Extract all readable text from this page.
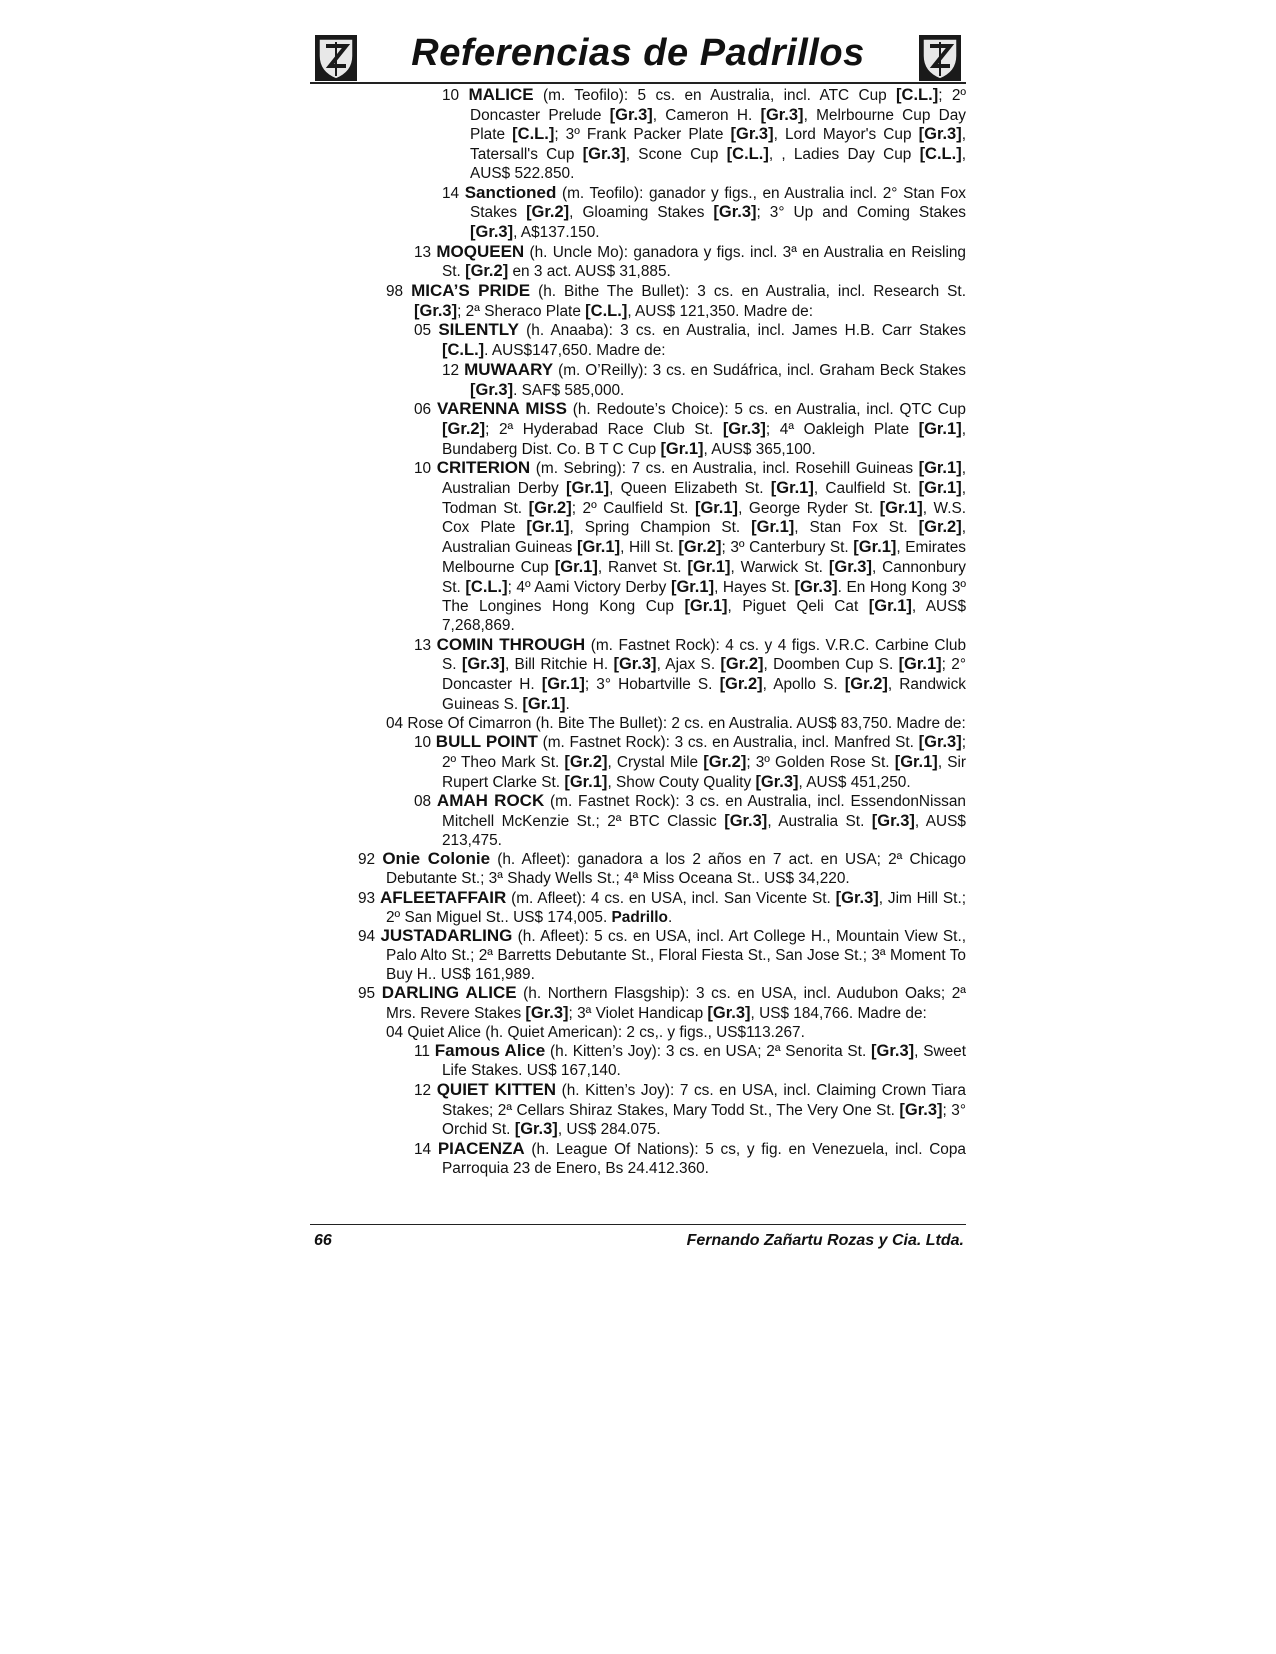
Referencias de Padrillos
10 MALICE (m. Teofilo): 5 cs. en Australia, incl. ATC Cup [C.L.]; 2º Doncaster Prelude [Gr.3], Cameron H. [Gr.3], Melrbourne Cup Day Plate [C.L.]; 3º Frank Packer Plate [Gr.3], Lord Mayor's Cup [Gr.3], Tatersall's Cup [Gr.3], Scone Cup [C.L.], , Ladies Day Cup [C.L.], AUS$ 522.850.
14 Sanctioned (m. Teofilo): ganador y figs., en Australia incl. 2° Stan Fox Stakes [Gr.2], Gloaming Stakes [Gr.3]; 3° Up and Coming Stakes [Gr.3], A$137.150.
13 MOQUEEN (h. Uncle Mo): ganadora y figs. incl. 3ª en Australia en Reisling St. [Gr.2] en 3 act. AUS$ 31,885.
98 MICA’S PRIDE (h. Bithe The Bullet): 3 cs. en Australia, incl. Research St. [Gr.3]; 2ª Sheraco Plate [C.L.], AUS$ 121,350. Madre de:
05 SILENTLY (h. Anaaba): 3 cs. en Australia, incl. James H.B. Carr Stakes [C.L.]. AUS$147,650. Madre de:
12 MUWAARY (m. O’Reilly): 3 cs. en Sudáfrica, incl. Graham Beck Stakes [Gr.3]. SAF$ 585,000.
06 VARENNA MISS (h. Redoute’s Choice): 5 cs. en Australia, incl. QTC Cup [Gr.2]; 2ª Hyderabad Race Club St. [Gr.3]; 4ª Oakleigh Plate [Gr.1], Bundaberg Dist. Co. B T C Cup [Gr.1], AUS$ 365,100.
10 CRITERION (m. Sebring): 7 cs. en Australia, incl. Rosehill Guineas [Gr.1], Australian Derby [Gr.1], Queen Elizabeth St. [Gr.1], Caulfield St. [Gr.1], Todman St. [Gr.2]; 2º Caulfield St. [Gr.1], George Ryder St. [Gr.1], W.S. Cox Plate [Gr.1], Spring Champion St. [Gr.1], Stan Fox St. [Gr.2], Australian Guineas [Gr.1], Hill St. [Gr.2]; 3º Canterbury St. [Gr.1], Emirates Melbourne Cup [Gr.1], Ranvet St. [Gr.1], Warwick St. [Gr.3], Cannonbury St. [C.L.]; 4º Aami Victory Derby [Gr.1], Hayes St. [Gr.3]. En Hong Kong 3º The Longines Hong Kong Cup [Gr.1], Piguet Qeli Cat [Gr.1], AUS$ 7,268,869.
13 COMIN THROUGH (m. Fastnet Rock): 4 cs. y 4 figs. V.R.C. Carbine Club S. [Gr.3], Bill Ritchie H. [Gr.3], Ajax S. [Gr.2], Doomben Cup S. [Gr.1]; 2° Doncaster H. [Gr.1]; 3° Hobartville S. [Gr.2], Apollo S. [Gr.2], Randwick Guineas S. [Gr.1].
04 Rose Of Cimarron (h. Bite The Bullet): 2 cs. en Australia. AUS$ 83,750. Madre de:
10 BULL POINT (m. Fastnet Rock): 3 cs. en Australia, incl. Manfred St. [Gr.3]; 2º Theo Mark St. [Gr.2], Crystal Mile [Gr.2]; 3º Golden Rose St. [Gr.1], Sir Rupert Clarke St. [Gr.1], Show Couty Quality [Gr.3], AUS$ 451,250.
08 AMAH ROCK (m. Fastnet Rock): 3 cs. en Australia, incl. EssendonNissan Mitchell McKenzie St.; 2ª BTC Classic [Gr.3], Australia St. [Gr.3], AUS$ 213,475.
92 Onie Colonie (h. Afleet): ganadora a los 2 años en 7 act. en USA; 2ª Chicago Debutante St.; 3ª Shady Wells St.; 4ª Miss Oceana St.. US$ 34,220.
93 AFLEETAFFAIR (m. Afleet): 4 cs. en USA, incl. San Vicente St. [Gr.3], Jim Hill St.; 2º San Miguel St.. US$ 174,005. Padrillo.
94 JUSTADARLING (h. Afleet): 5 cs. en USA, incl. Art College H., Mountain View St., Palo Alto St.; 2ª Barretts Debutante St., Floral Fiesta St., San Jose St.; 3ª Moment To Buy H.. US$ 161,989.
95 DARLING ALICE (h. Northern Flasgship): 3 cs. en USA, incl. Audubon Oaks; 2ª Mrs. Revere Stakes [Gr.3]; 3ª Violet Handicap [Gr.3], US$ 184,766. Madre de:
04 Quiet Alice (h. Quiet American): 2 cs,. y figs., US$113.267.
11 Famous Alice (h. Kitten’s Joy): 3 cs. en USA; 2ª Senorita St. [Gr.3], Sweet Life Stakes. US$ 167,140.
12 QUIET KITTEN (h. Kitten’s Joy): 7 cs. en USA, incl. Claiming Crown Tiara Stakes; 2ª Cellars Shiraz Stakes, Mary Todd St., The Very One St. [Gr.3]; 3° Orchid St. [Gr.3], US$ 284.075.
14 PIACENZA (h. League Of Nations): 5 cs, y fig. en Venezuela, incl. Copa Parroquia 23 de Enero, Bs 24.412.360.
66	Fernando Zañartu Rozas y Cia. Ltda.
